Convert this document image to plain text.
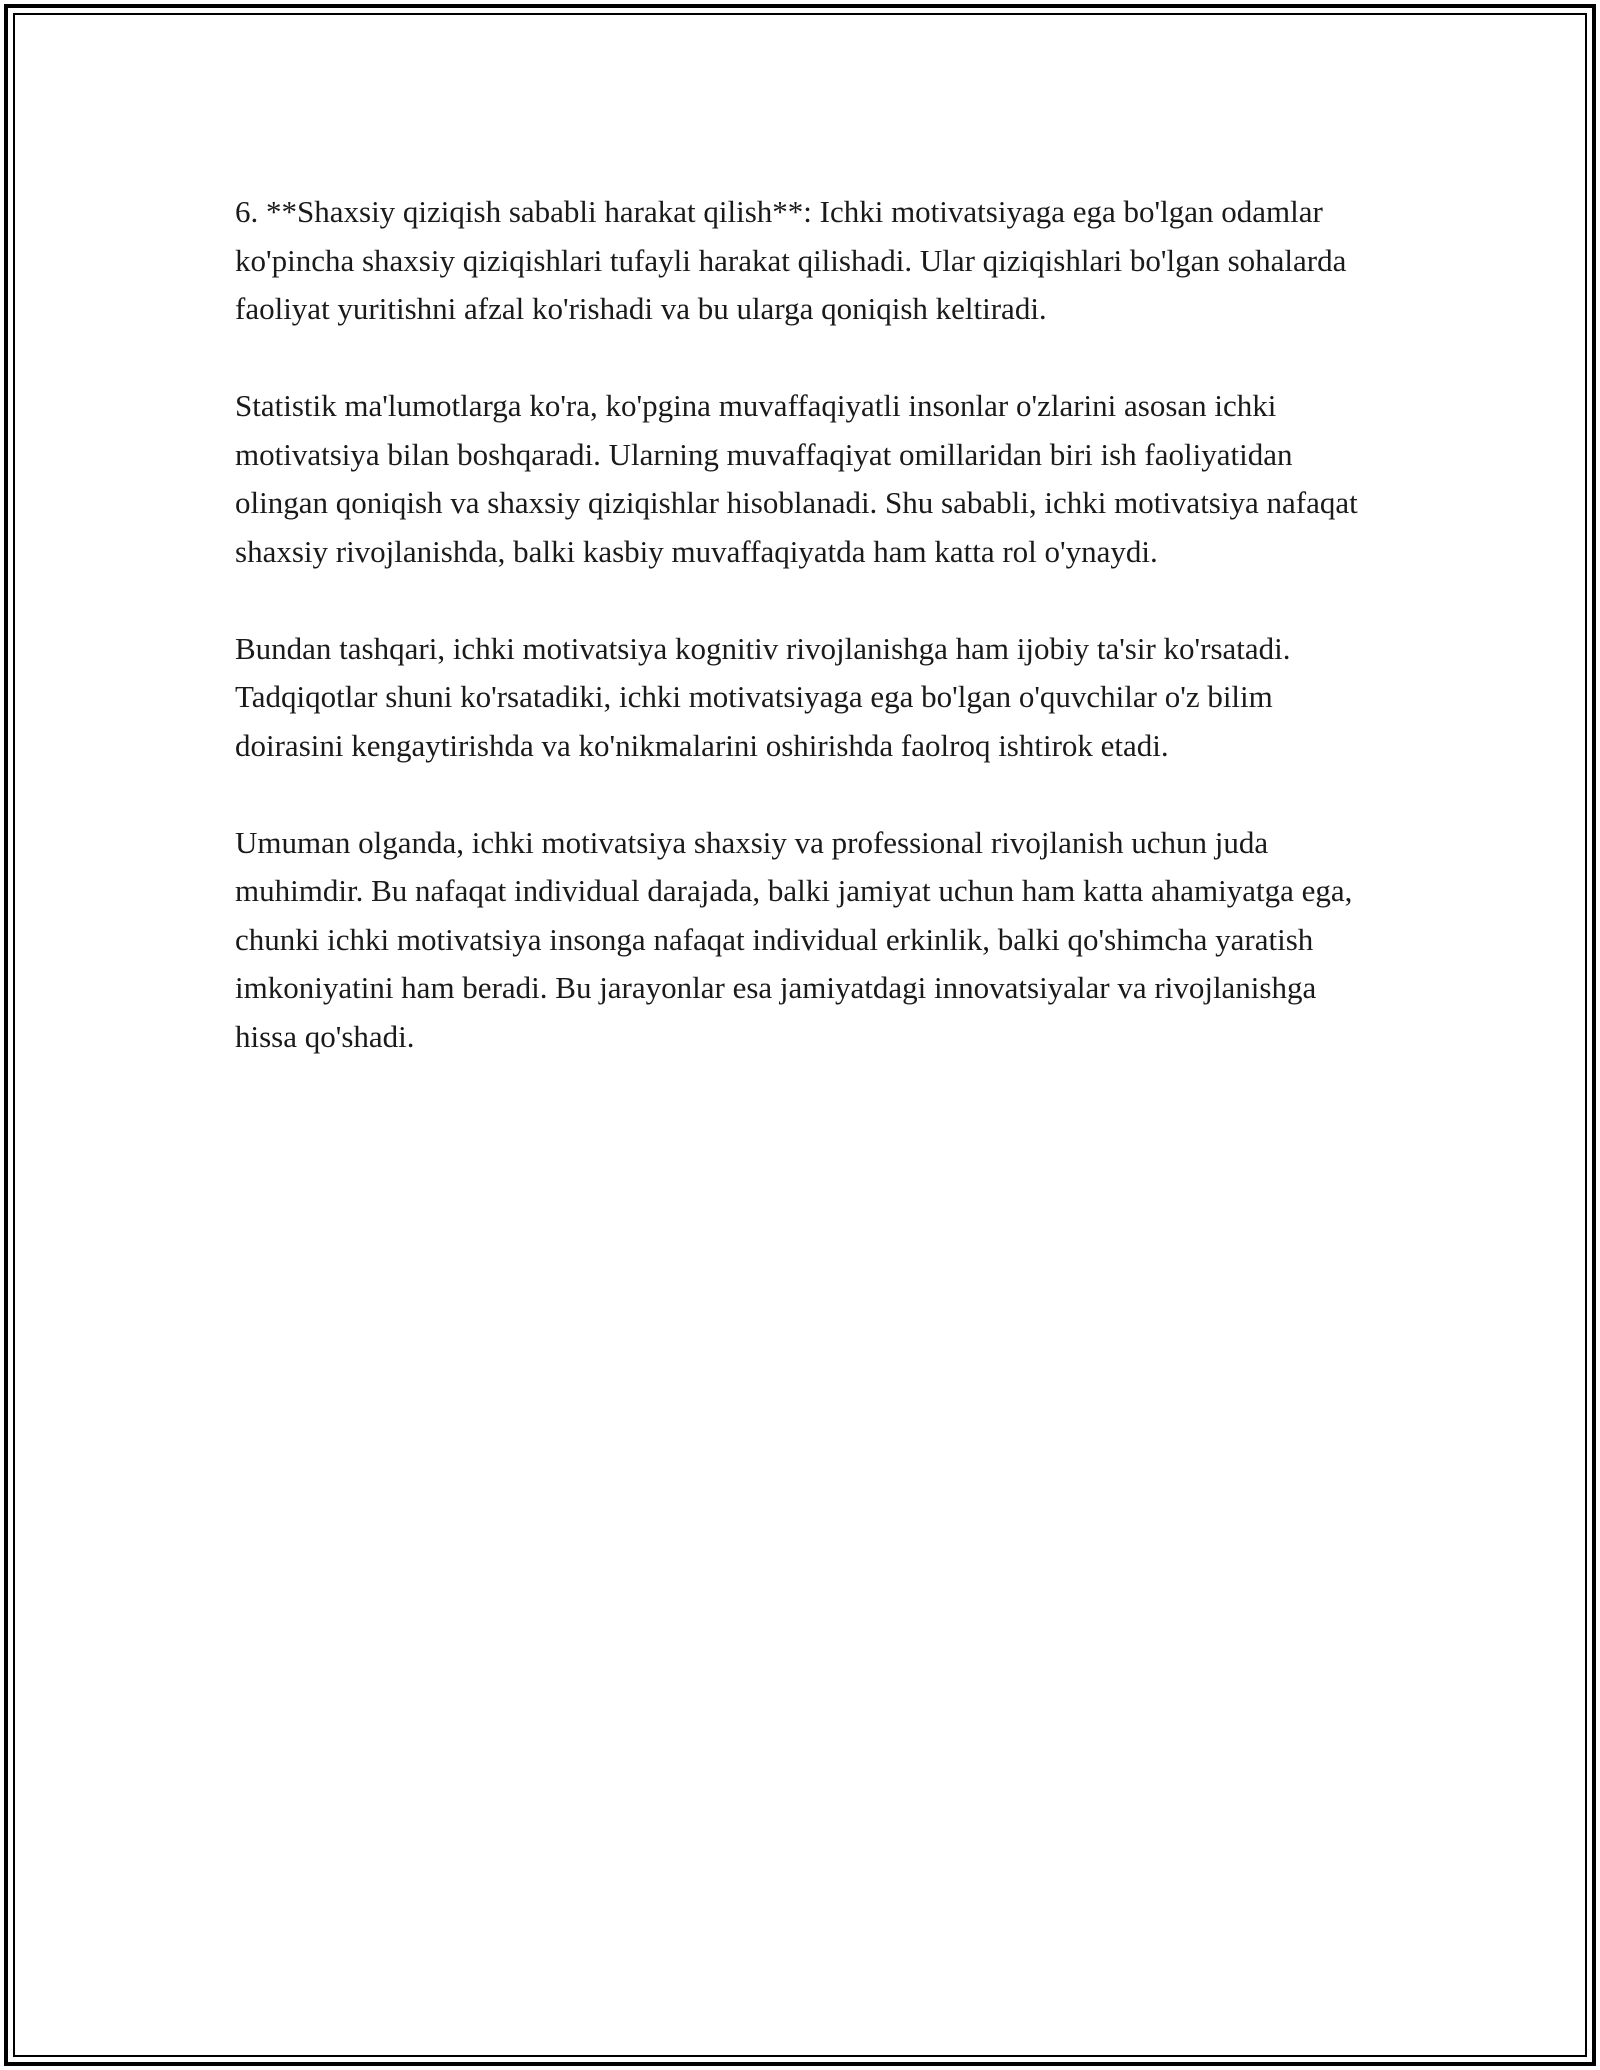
6. **Shaxsiy qiziqish sababli harakat qilish**: Ichki motivatsiyaga ega bo'lgan odamlar ko'pincha shaxsiy qiziqishlari tufayli harakat qilishadi. Ular qiziqishlari bo'lgan sohalarda faoliyat yuritishni afzal ko'rishadi va bu ularga qoniqish keltiradi.

Statistik ma'lumotlarga ko'ra, ko'pgina muvaffaqiyatli insonlar o'zlarini asosan ichki motivatsiya bilan boshqaradi. Ularning muvaffaqiyat omillaridan biri ish faoliyatidan olingan qoniqish va shaxsiy qiziqishlar hisoblanadi. Shu sababli, ichki motivatsiya nafaqat shaxsiy rivojlanishda, balki kasbiy muvaffaqiyatda ham katta rol o'ynaydi.

Bundan tashqari, ichki motivatsiya kognitiv rivojlanishga ham ijobiy ta'sir ko'rsatadi. Tadqiqotlar shuni ko'rsatadiki, ichki motivatsiyaga ega bo'lgan o'quvchilar o'z bilim doirasini kengaytirishda va ko'nikmalarini oshirishda faolroq ishtirok etadi.

Umuman olganda, ichki motivatsiya shaxsiy va professional rivojlanish uchun juda muhimdir. Bu nafaqat individual darajada, balki jamiyat uchun ham katta ahamiyatga ega, chunki ichki motivatsiya insonga nafaqat individual erkinlik, balki qo'shimcha yaratish imkoniyatini ham beradi. Bu jarayonlar esa jamiyatdagi innovatsiyalar va rivojlanishga hissa qo'shadi.
